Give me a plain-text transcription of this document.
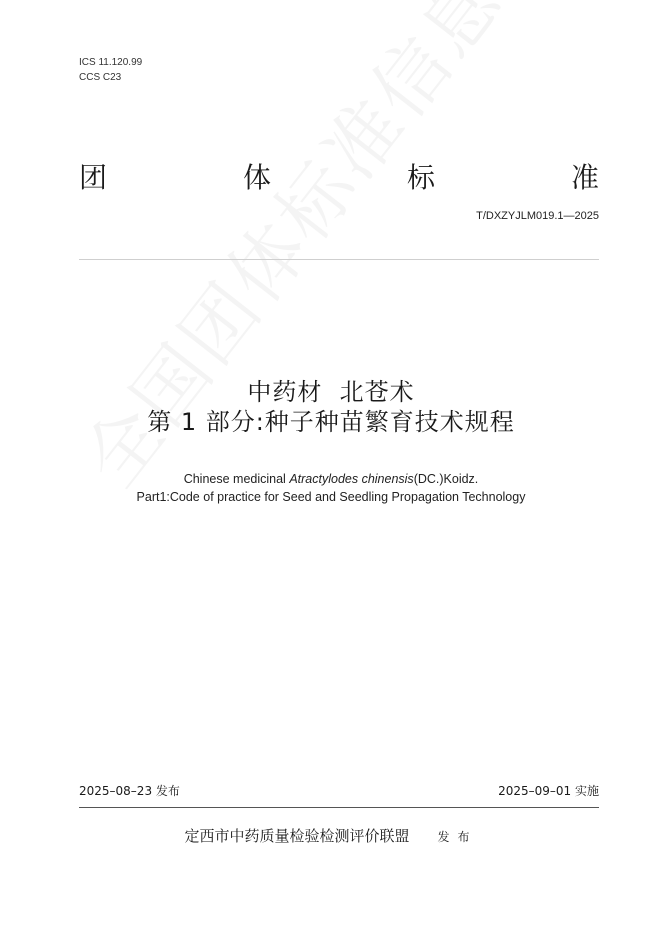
ICS 11.120.99
CCS C23
团	体	标	准
T/DXZYJLM019.1—2025
中药材  北苍术
第 1 部分:种子种苗繁育技术规程
Chinese medicinal Atractylodes chinensis(DC.)Koidz.
Part1:Code of practice for Seed and Seedling Propagation Technology
2025–08–23 发布	2025–09–01 实施
定西市中药质量检验检测评价联盟 发布
